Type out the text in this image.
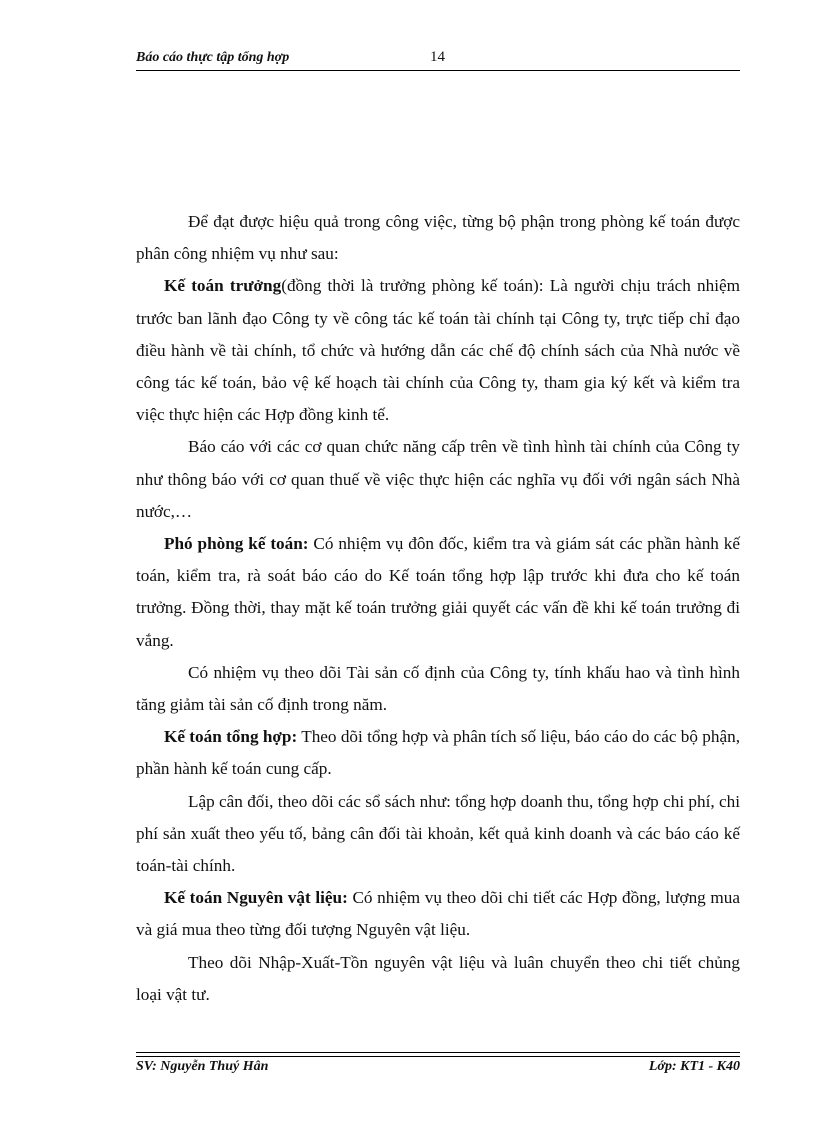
Báo cáo thực tập tổng hợp	14

Để đạt được hiệu quả trong công việc, từng bộ phận trong phòng kế toán được phân công nhiệm vụ như sau:

Kế toán trưởng(đồng thời là trưởng phòng kế toán): Là người chịu trách nhiệm trước ban lãnh đạo Công ty về công tác kế toán tài chính tại Công ty, trực tiếp chỉ đạo điều hành về tài chính, tổ chức và hướng dẫn các chế độ chính sách của Nhà nước về công tác kế toán, bảo vệ kế hoạch tài chính của Công ty, tham gia ký kết và kiểm tra việc thực hiện các Hợp đồng kinh tế.

Báo cáo với các cơ quan chức năng cấp trên về tình hình tài chính của Công ty như thông báo với cơ quan thuế về việc thực hiện các nghĩa vụ đối với ngân sách Nhà nước,…

Phó phòng kế toán: Có nhiệm vụ đôn đốc, kiểm tra và giám sát các phần hành kế toán, kiểm tra, rà soát báo cáo do Kế toán tổng hợp lập trước khi đưa cho kế toán trưởng. Đồng thời, thay mặt kế toán trưởng giải quyết các vấn đề khi kế toán trưởng đi vắng.

Có nhiệm vụ theo dõi Tài sản cố định của Công ty, tính khấu hao và tình hình tăng giảm tài sản cố định trong năm.

Kế toán tổng hợp: Theo dõi tổng hợp và phân tích số liệu, báo cáo do các bộ phận, phần hành kế toán cung cấp.

Lập cân đối, theo dõi các sổ sách như: tổng hợp doanh thu, tổng hợp chi phí, chi phí sản xuất theo yếu tố, bảng cân đối tài khoản, kết quả kinh doanh và các báo cáo kế toán-tài chính.

Kế toán Nguyên vật liệu: Có nhiệm vụ theo dõi chi tiết các Hợp đồng, lượng mua và giá mua theo từng đối tượng Nguyên vật liệu.

Theo dõi Nhập-Xuất-Tồn nguyên vật liệu và luân chuyển theo chi tiết chủng loại vật tư.

SV: Nguyễn Thuý Hân	Lớp: KT1 - K40
